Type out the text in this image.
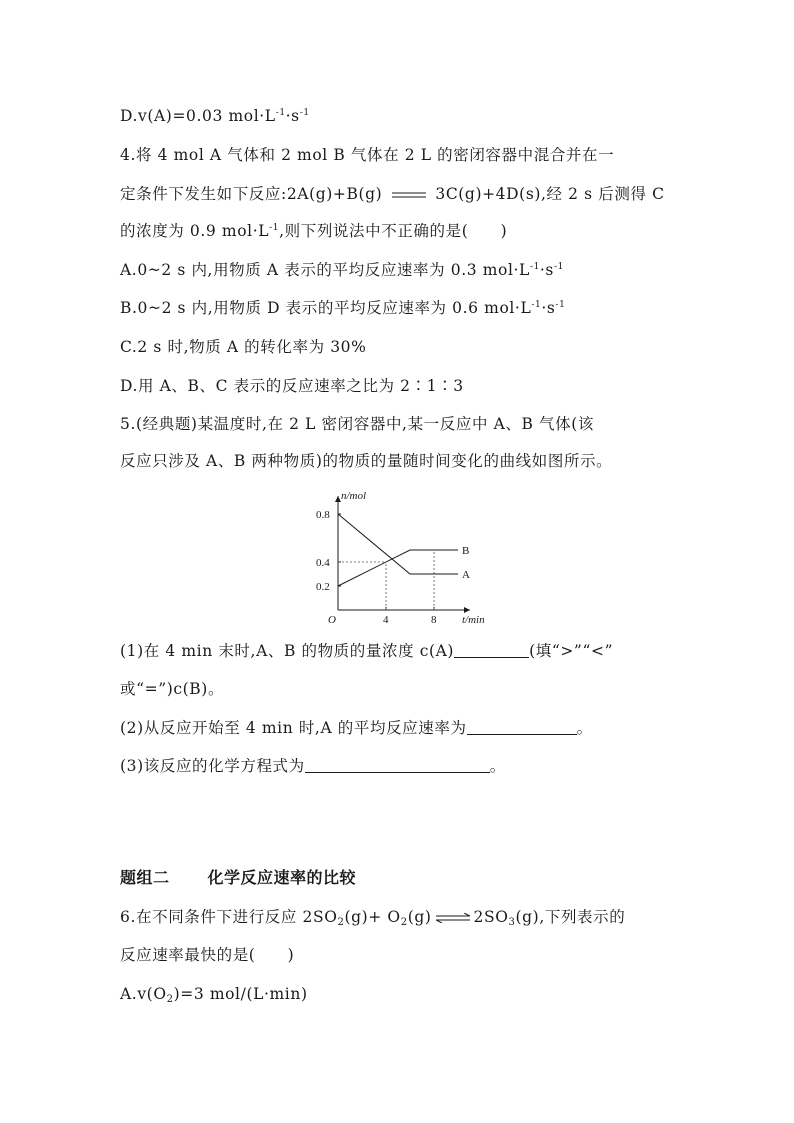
D.v(A)=0.03 $mol\cdot L^{-1}\cdot s^{-1}$
4.将 4 mol A 气体和 2 mol B 气体在 2 L 的密闭容器中混合并在一
定条件下发生如下反应:2A(g)+B(g)	3C(g)+4D(s),经 2 s 后测得 C
的浓度为 0.9 $mol\cdot L^{-1}$,则下列说法中不正确的是(　　)
A.0~2 s 内,用物质 A 表示的平均反应速率为 0.3 $mol\cdot L^{-1}\cdot s^{-1}$
B.0~2 s 内,用物质 D 表示的平均反应速率为 0.6 $mol\cdot L^{-1}\cdot s^{-1}$
C.2 s 时,物质 A 的转化率为 30%
D.用 A、B、C 表示的反应速率之比为 2∶1∶3
5.(经典题)某温度时,在 2 L 密闭容器中,某一反应中 A、B 气体(该
反应只涉及 A、B 两种物质)的物质的量随时间变化的曲线如图所示。
n/mol
t/min
O
0.2
0.4
0.8
4	8
A
B
(1)在 4 min 末时,A、B 的物质的量浓度 c(A)	(填“>”“<”
或“=”)c(B)。
(2)从反应开始至 4 min 时,A 的平均反应速率为	。
(3)该反应的化学方程式为	。
题组二 化学反应速率的比较
6.在不同条件下进行反应 $2SO_2(g)+ O_2(g)$ ⇌ $2SO_3(g)$,下列表示的
反应速率最快的是(　　)
$A.v(O_2)=3$ mol/(L·min)
